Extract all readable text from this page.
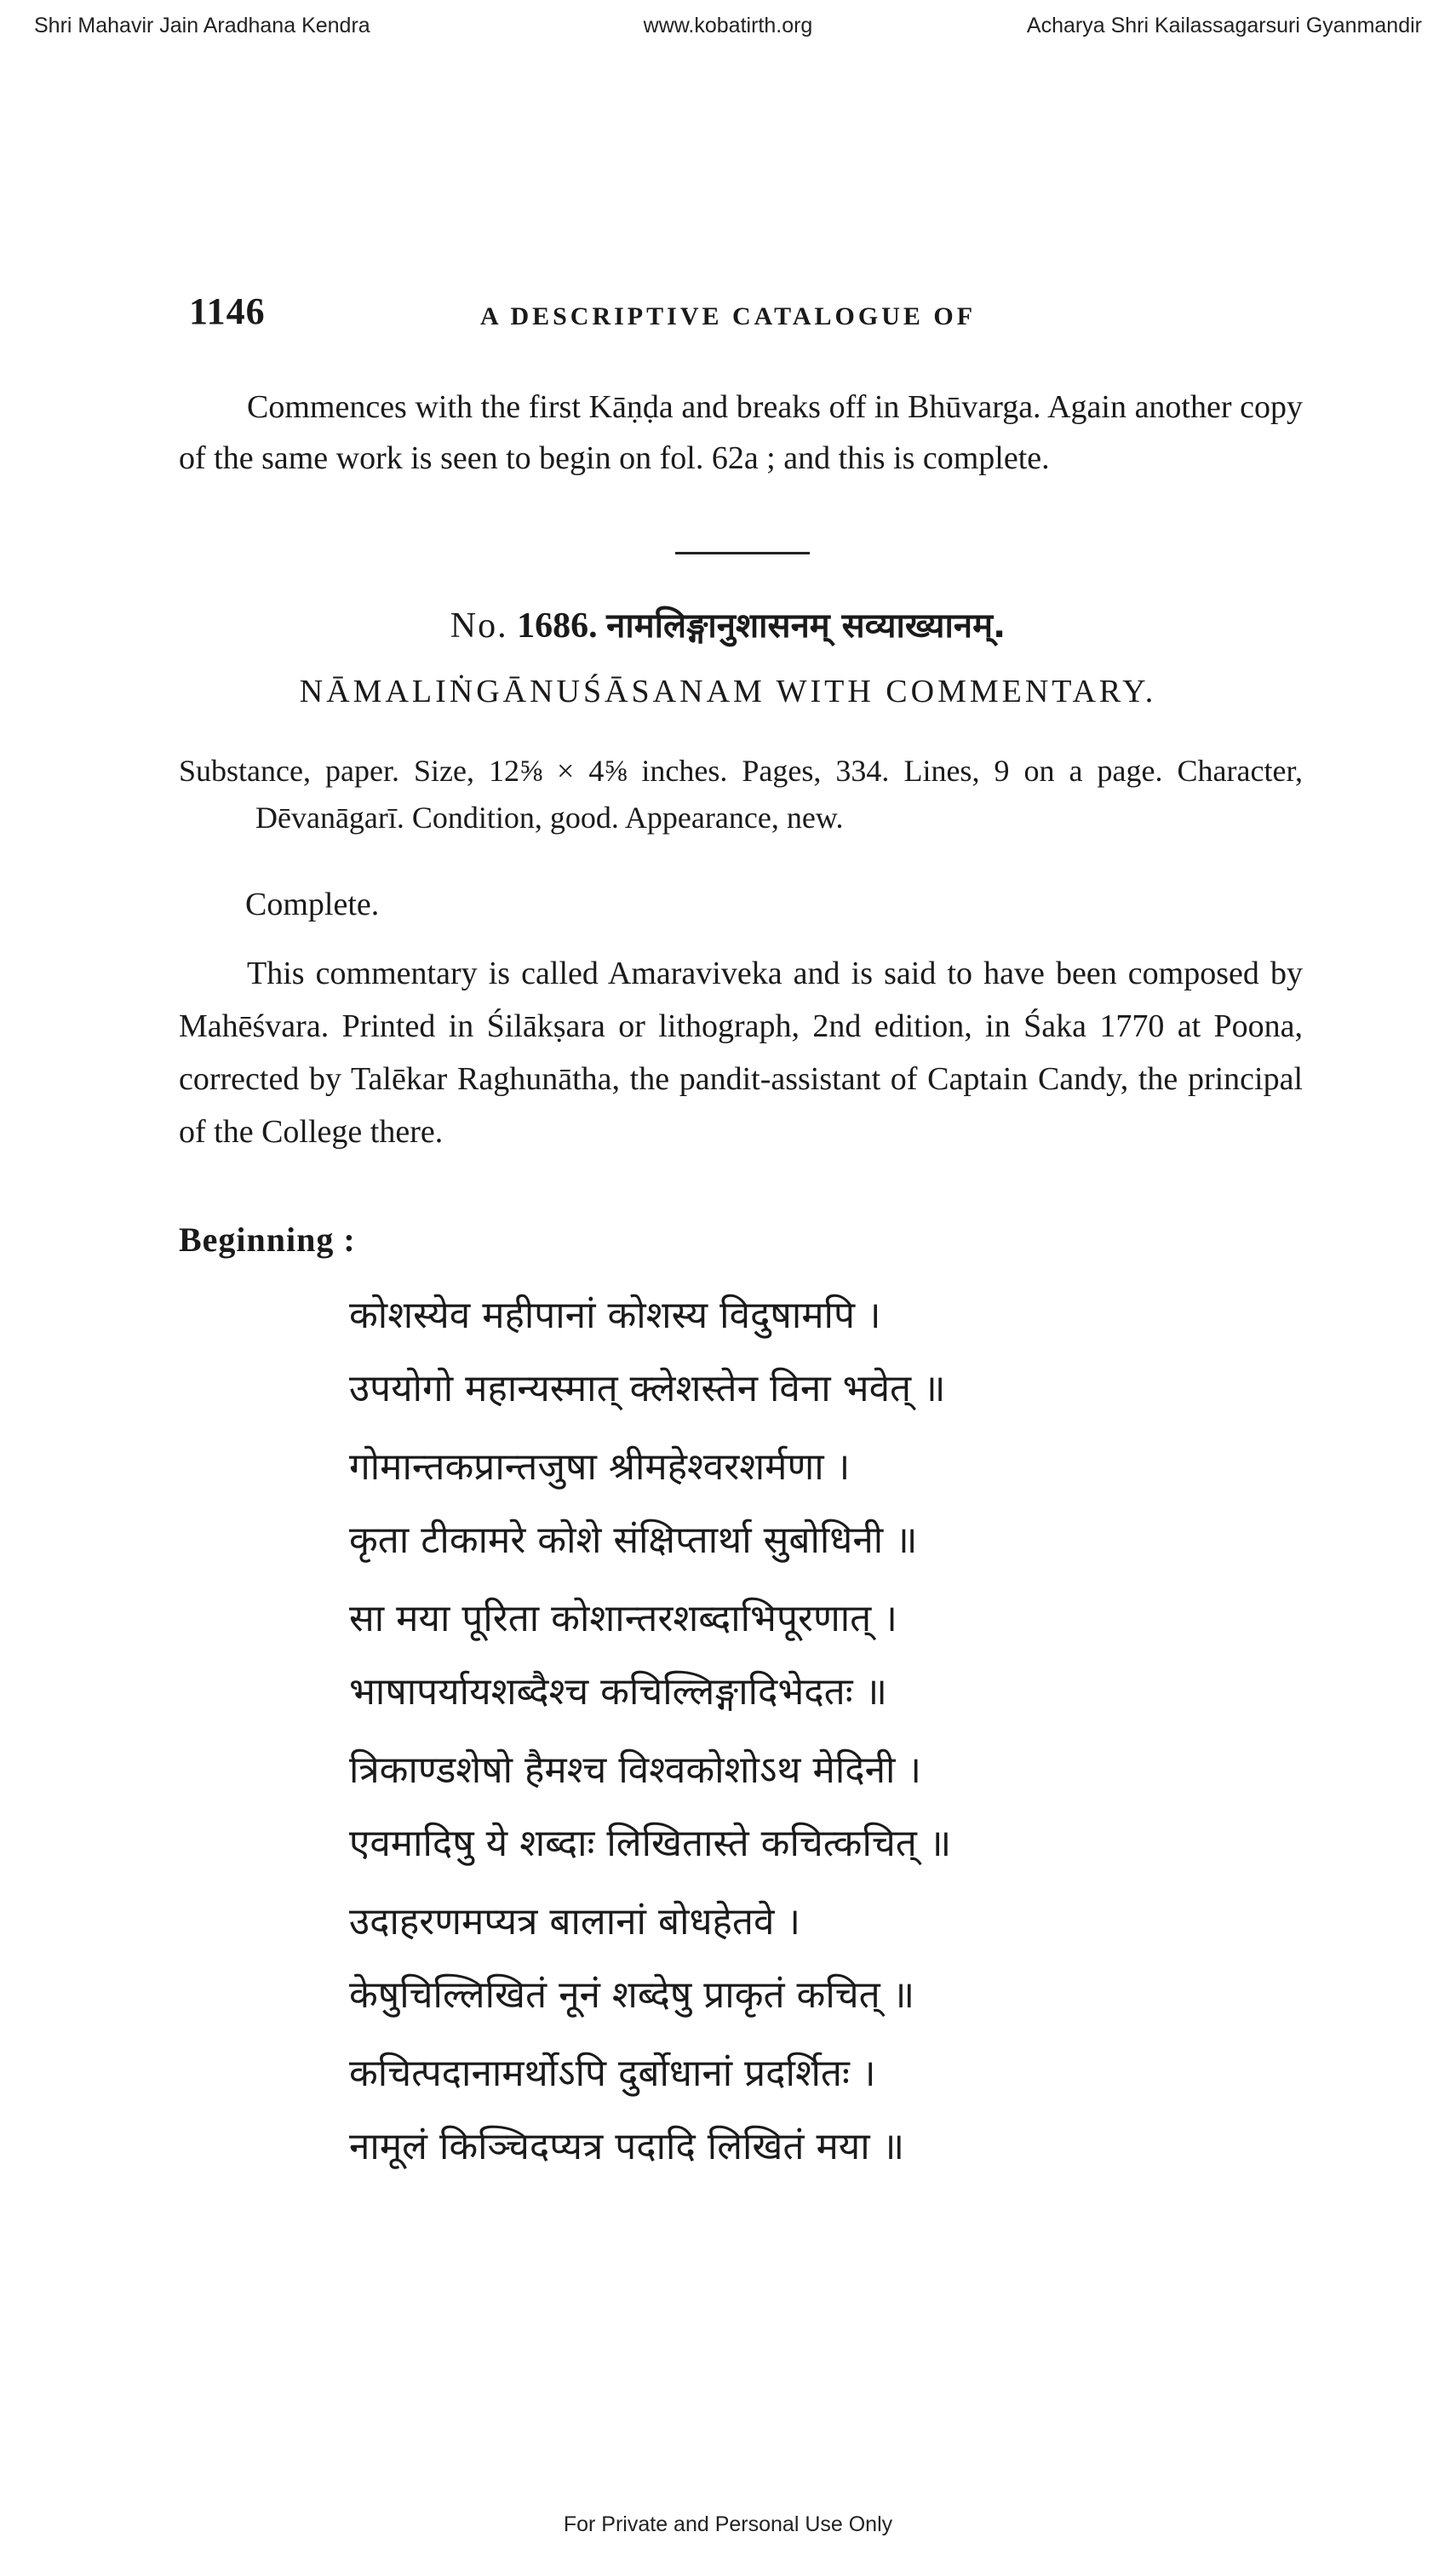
Shri Mahavir Jain Aradhana Kendra	www.kobatirth.org	Acharya Shri Kailassagarsuri Gyanmandir
1146	A DESCRIPTIVE CATALOGUE OF
Commences with the first Kāṇḍa and breaks off in Bhūvarga. Again another copy of the same work is seen to begin on fol. 62a ; and this is complete.
No. 1686. नामलिङ्गानुशासनम् सव्याख्यानम्.
NĀMALIṄGĀNUŚĀSANAM WITH COMMENTARY.
Substance, paper. Size, 12⅝ × 4⅝ inches. Pages, 334. Lines, 9 on a page. Character, Dēvanāgarī. Condition, good. Appearance, new.
Complete.
This commentary is called Amaraviveka and is said to have been composed by Mahēśvara. Printed in Śilākṣara or lithograph, 2nd edition, in Śaka 1770 at Poona, corrected by Talēkar Raghunātha, the pandit-assistant of Captain Candy, the principal of the College there.
Beginning :
कोशस्येव महीपानां कोशस्य विदुषामपि ।
उपयोगो महान्यस्मात् क्लेशस्तेन विना भवेत् ॥
गोमान्तकप्रान्तजुषा श्रीमहेश्वरशर्मणा ।
कृता टीकामरे कोशे संक्षिप्तार्था सुबोधिनी ॥
सा मया पूरिता कोशान्तरशब्दाभिपूरणात् ।
भाषापर्यायशब्दैश्च कचिल्लिङ्गादिभेदतः ॥
त्रिकाण्डशेषो हैमश्च विश्वकोशोऽथ मेदिनी ।
एवमादिषु ये शब्दाः लिखितास्ते कचित्कचित् ॥
उदाहरणमप्यत्र बालानां बोधहेतवे ।
केषुचिल्लिखितं नूनं शब्देषु प्राकृतं कचित् ॥
कचित्पदानामर्थोऽपि दुर्बोधानां प्रदर्शितः ।
नामूलं किञ्चिदप्यत्र पदादि लिखितं मया ॥
For Private and Personal Use Only
